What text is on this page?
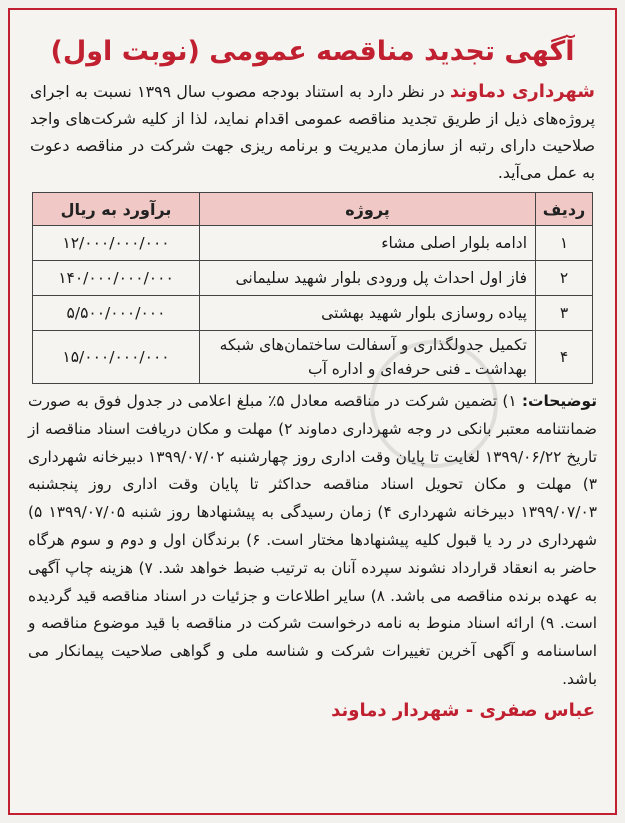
آگهی تجدید مناقصه عمومی (نوبت اول)
شهرداری دماوند در نظر دارد به استناد بودجه مصوب سال ۱۳۹۹ نسبت به اجرای پروژه‌های ذیل از طریق تجدید مناقصه عمومی اقدام نماید، لذا از کلیه شرکت‌های واجد صلاحیت دارای رتبه از سازمان مدیریت و برنامه ریزی جهت شرکت در مناقصه دعوت به عمل می‌آید.
ردیف	پروژه	برآورد به ریال
۱	ادامه بلوار اصلی مشاء	۱۲/۰۰۰/۰۰۰/۰۰۰
۲	فاز اول احداث پل ورودی بلوار شهید سلیمانی	۱۴۰/۰۰۰/۰۰۰/۰۰۰
۳	پیاده روسازی بلوار شهید بهشتی	۵/۵۰۰/۰۰۰/۰۰۰
۴	تکمیل جدولگذاری و آسفالت ساختمان‌های شبکه بهداشت ـ فنی حرفه‌ای و اداره آب	۱۵/۰۰۰/۰۰۰/۰۰۰
توضیحات: ۱) تضمین شرکت در مناقصه معادل ۵٪ مبلغ اعلامی در جدول فوق به صورت ضمانتنامه معتبر بانکی در وجه شهرداری دماوند ۲) مهلت و مکان دریافت اسناد مناقصه از تاریخ ۱۳۹۹/۰۶/۲۲ لغایت تا پایان وقت اداری روز چهارشنبه ۱۳۹۹/۰۷/۰۲ دبیرخانه شهرداری ۳) مهلت و مکان تحویل اسناد مناقصه حداکثر تا پایان وقت اداری روز پنجشنبه ۱۳۹۹/۰۷/۰۳ دبیرخانه شهرداری ۴) زمان رسیدگی به پیشنهادها روز شنبه ۱۳۹۹/۰۷/۰۵ ۵) شهرداری در رد یا قبول کلیه پیشنهادها مختار است. ۶) برندگان اول و دوم و سوم هرگاه حاضر به انعقاد قرارداد نشوند سپرده آنان به ترتیب ضبط خواهد شد. ۷) هزینه چاپ آگهی به عهده برنده مناقصه می باشد. ۸) سایر اطلاعات و جزئیات در اسناد مناقصه قید گردیده است. ۹) ارائه اسناد منوط به نامه درخواست شرکت در مناقصه با قید موضوع مناقصه و اساسنامه و آگهی آخرین تغییرات شرکت و شناسه ملی و گواهی صلاحیت پیمانکار می باشد.
عباس صفری - شهردار دماوند
